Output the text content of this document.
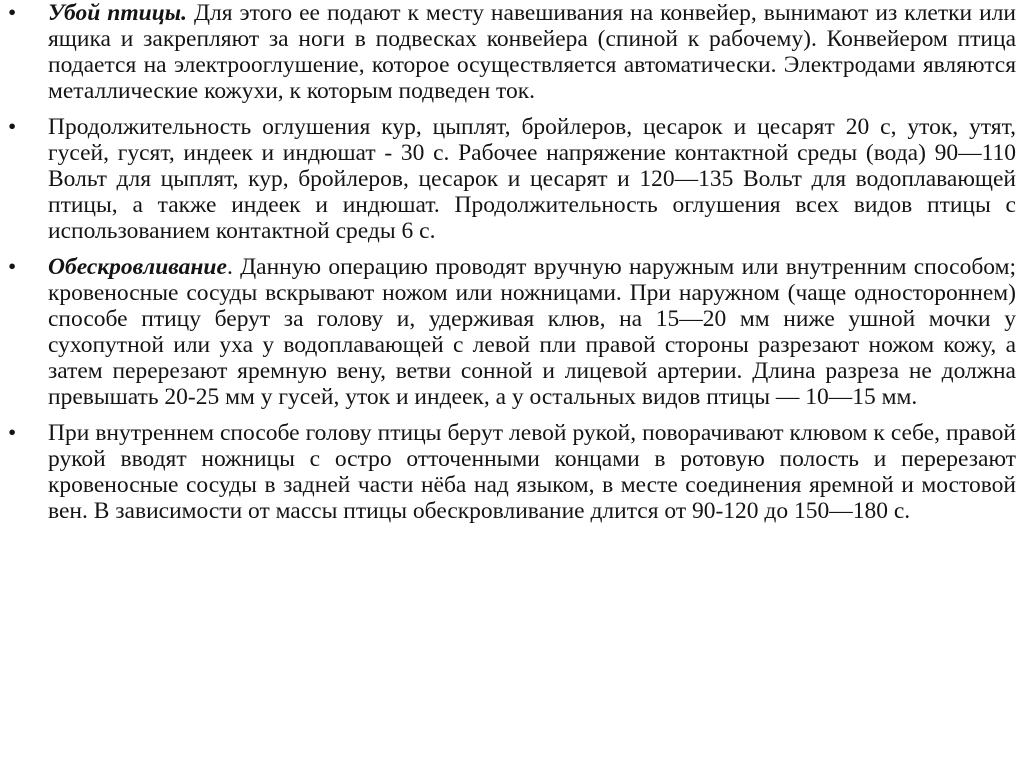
• Убой птицы. Для этого ее подают к месту навешивания на конвейер, вынимают из клетки или ящика и закрепляют за ноги в подвесках конвейера (спиной к рабочему). Конвейером птица подается на электрооглушение, которое осуществляется автоматически. Электродами являются металлические кожухи, к которым подведен ток.
• Продолжительность оглушения кур, цыплят, бройлеров, цесарок и цесарят 20 с, уток, утят, гусей, гусят, индеек и индюшат - 30 с. Рабочее напряжение контактной среды (вода) 90—110 Вольт для цыплят, кур, бройлеров, цесарок и цесарят и 120—135 Вольт для водоплавающей птицы, а также индеек и индюшат. Продолжительность оглушения всех видов птицы с использованием контактной среды 6 с.
• Обескровливание. Данную операцию проводят вручную наружным или внутренним способом; кровеносные сосуды вскрывают ножом или ножницами. При наружном (чаще одностороннем) способе птицу берут за голову и, удерживая клюв, на 15—20 мм ниже ушной мочки у сухопутной или уха у водоплавающей с левой пли правой стороны разрезают ножом кожу, а затем перерезают яремную вену, ветви сонной и лицевой артерии. Длина разреза не должна превышать 20-25 мм у гусей, уток и индеек, а у остальных видов птицы — 10—15 мм.
• При внутреннем способе голову птицы берут левой рукой, поворачивают клювом к себе, правой рукой вводят ножницы с остро отточенными концами в ротовую полость и перерезают кровеносные сосуды в задней части нёба над языком, в месте соединения яремной и мостовой вен. В зависимости от массы птицы обескровливание длится от 90-120 до 150—180 с.
